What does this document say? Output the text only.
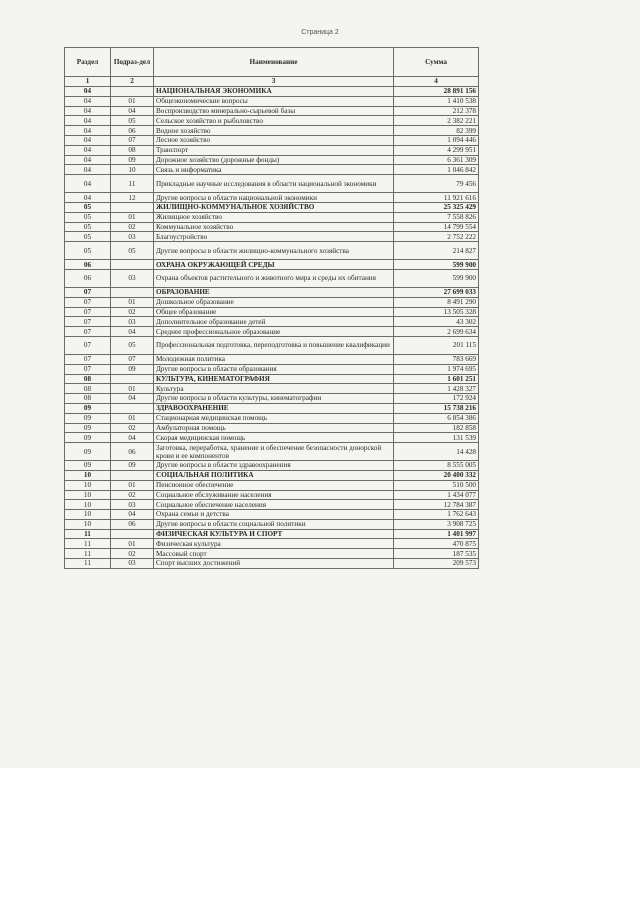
Страница 2
Раздел	Подраз-дел	Наименование	Сумма
1	2	3	4
04		НАЦИОНАЛЬНАЯ ЭКОНОМИКА	28 891 156
04	01	Общеэкономические вопросы	1 410 538
04	04	Воспроизводство минерально-сырьевой базы	212 378
04	05	Сельское хозяйство и рыболовство	2 382 221
04	06	Водное хозяйство	82 399
04	07	Лесное хозяйство	1 094 446
04	08	Транспорт	4 299 951
04	09	Дорожное хозяйство (дорожные фонды)	6 361 309
04	10	Связь и информатика	1 046 842
04	11	Прикладные научные исследования в области национальной экономики	79 456
04	12	Другие вопросы в области национальной экономики	11 921 616
05		ЖИЛИЩНО-КОММУНАЛЬНОЕ ХОЗЯЙСТВО	25 325 429
05	01	Жилищное хозяйство	7 558 826
05	02	Коммунальное хозяйство	14 799 554
05	03	Благоустройство	2 752 222
05	05	Другие вопросы в области жилищно-коммунального хозяйства	214 827
06		ОХРАНА ОКРУЖАЮЩЕЙ СРЕДЫ	599 900
06	03	Охрана объектов растительного и животного мира и среды их обитания	599 900
07		ОБРАЗОВАНИЕ	27 699 033
07	01	Дошкольное образование	8 491 290
07	02	Общее образование	13 505 328
07	03	Дополнительное образование детей	43 302
07	04	Среднее профессиональное образование	2 699 634
07	05	Профессиональная подготовка, переподготовка и повышение квалификации	201 115
07	07	Молодежная политика	783 669
07	09	Другие вопросы в области образования	1 974 695
08		КУЛЬТУРА, КИНЕМАТОГРАФИЯ	1 601 251
08	01	Культура	1 428 327
08	04	Другие вопросы в области культуры, кинематографии	172 924
09		ЗДРАВООХРАНЕНИЕ	15 738 216
09	01	Стационарная медицинская помощь	6 854 386
09	02	Амбулаторная помощь	182 858
09	04	Скорая медицинская помощь	131 539
09	06	Заготовка, переработка, хранение и обеспечение безопасности донорской крови и ее компонентов	14 428
09	09	Другие вопросы в области здравоохранения	8 555 005
10		СОЦИАЛЬНАЯ ПОЛИТИКА	20 400 332
10	01	Пенсионное обеспечение	510 500
10	02	Социальное обслуживание населения	1 434 077
10	03	Социальное обеспечение населения	12 784 387
10	04	Охрана семьи и детства	1 762 643
10	06	Другие вопросы в области социальной политики	3 908 725
11		ФИЗИЧЕСКАЯ КУЛЬТУРА И СПОРТ	1 401 997
11	01	Физическая культура	470 875
11	02	Массовый спорт	187 535
11	03	Спорт высших достижений	209 573
